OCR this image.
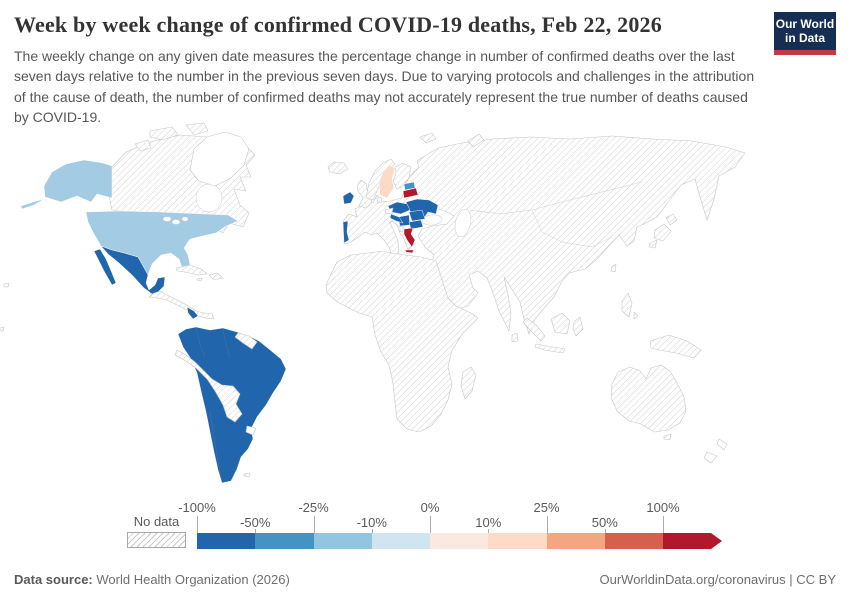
Week by week change of confirmed COVID-19 deaths, Feb 22, 2026	Our World
in Data
The weekly change on any given date measures the percentage change in number of confirmed deaths over the last seven days relative to the number in the previous seven days. Due to varying protocols and challenges in the attribution of the cause of death, the number of confirmed deaths may not accurately represent the true number of deaths caused by COVID-19.
No data
-100%
-50%
-25%
-10%
0%
10%
25%
50%
100%
Data source: World Health Organization (2026)	OurWorldinData.org/coronavirus | CC BY
